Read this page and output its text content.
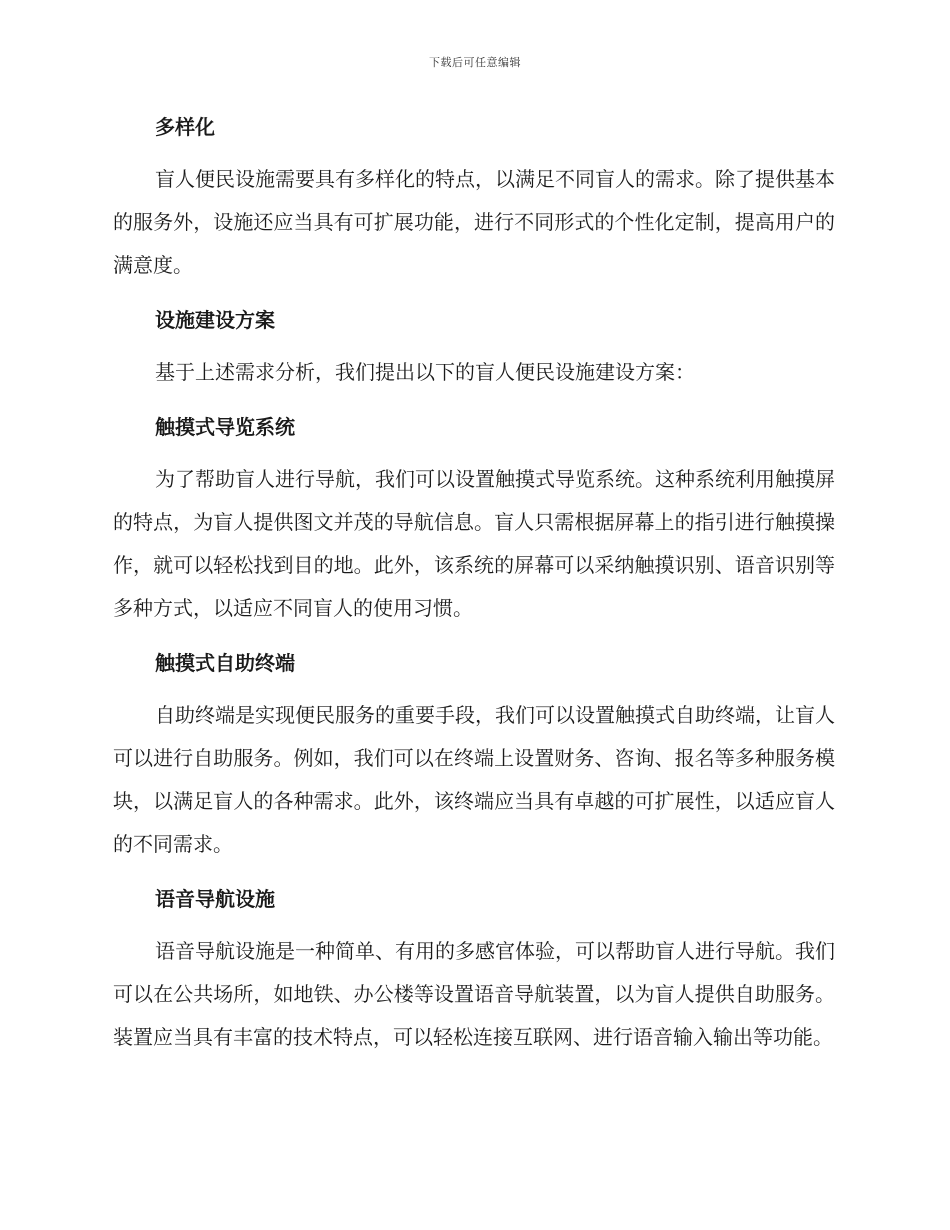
下载后可任意编辑
多样化

盲人便民设施需要具有多样化的特点，以满足不同盲人的需求。除了提供基本的服务外，设施还应当具有可扩展功能，进行不同形式的个性化定制，提高用户的满意度。

设施建设方案

基于上述需求分析，我们提出以下的盲人便民设施建设方案：

触摸式导览系统

为了帮助盲人进行导航，我们可以设置触摸式导览系统。这种系统利用触摸屏的特点，为盲人提供图文并茂的导航信息。盲人只需根据屏幕上的指引进行触摸操作，就可以轻松找到目的地。此外，该系统的屏幕可以采纳触摸识别、语音识别等多种方式，以适应不同盲人的使用习惯。

触摸式自助终端

自助终端是实现便民服务的重要手段，我们可以设置触摸式自助终端，让盲人可以进行自助服务。例如，我们可以在终端上设置财务、咨询、报名等多种服务模块，以满足盲人的各种需求。此外，该终端应当具有卓越的可扩展性，以适应盲人的不同需求。

语音导航设施

语音导航设施是一种简单、有用的多感官体验，可以帮助盲人进行导航。我们可以在公共场所，如地铁、办公楼等设置语音导航装置，以为盲人提供自助服务。装置应当具有丰富的技术特点，可以轻松连接互联网、进行语音输入输出等功能。
